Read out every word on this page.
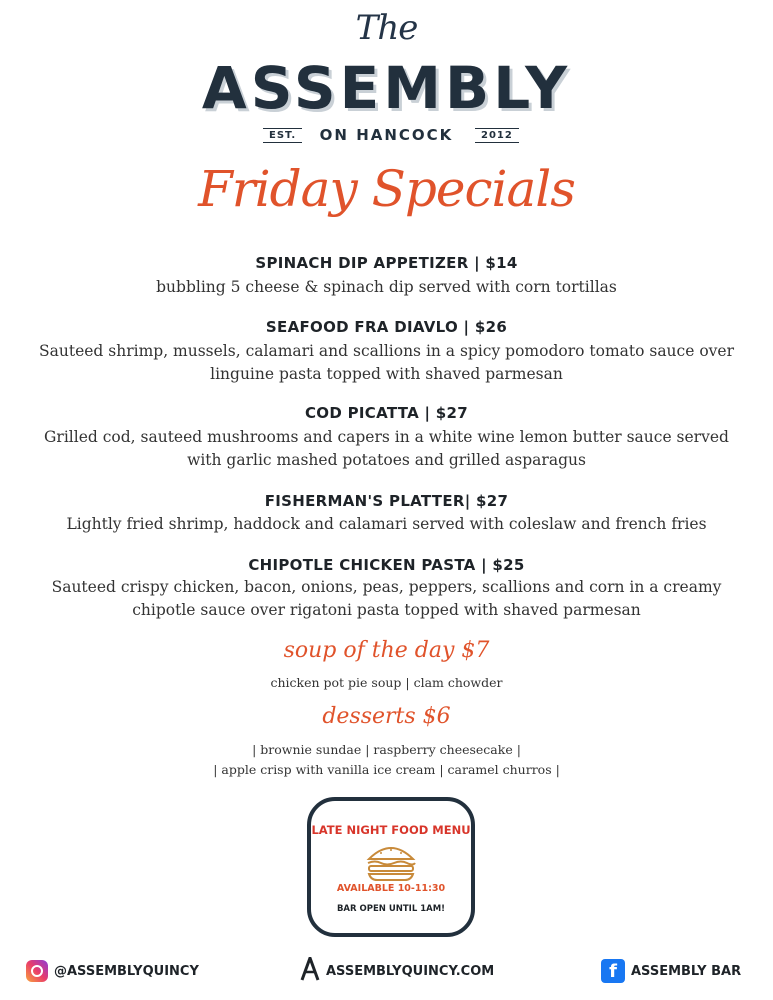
The
ASSEMBLY
EST.	ON HANCOCK	2012
Friday Specials
SPINACH DIP APPETIZER | $14
bubbling 5 cheese & spinach dip served with corn tortillas
SEAFOOD FRA DIAVLO | $26
Sauteed shrimp, mussels, calamari and scallions in a spicy pomodoro tomato sauce over
linguine pasta topped with shaved parmesan
COD PICATTA | $27
Grilled cod, sauteed mushrooms and capers in a white wine lemon butter sauce served
with garlic mashed potatoes and grilled asparagus
FISHERMAN'S PLATTER| $27
Lightly fried shrimp, haddock and calamari served with coleslaw and french fries
CHIPOTLE CHICKEN PASTA | $25
Sauteed crispy chicken, bacon, onions, peas, peppers, scallions and corn in a creamy
chipotle sauce over rigatoni pasta topped with shaved parmesan
soup of the day $7
chicken pot pie soup | clam chowder
desserts $6
| brownie sundae | raspberry cheesecake |
| apple crisp with vanilla ice cream | caramel churros |
LATE NIGHT FOOD MENU
AVAILABLE 10-11:30
BAR OPEN UNTIL 1AM!
@ASSEMBLYQUINCY	ASSEMBLYQUINCY.COM	f	ASSEMBLY BAR
